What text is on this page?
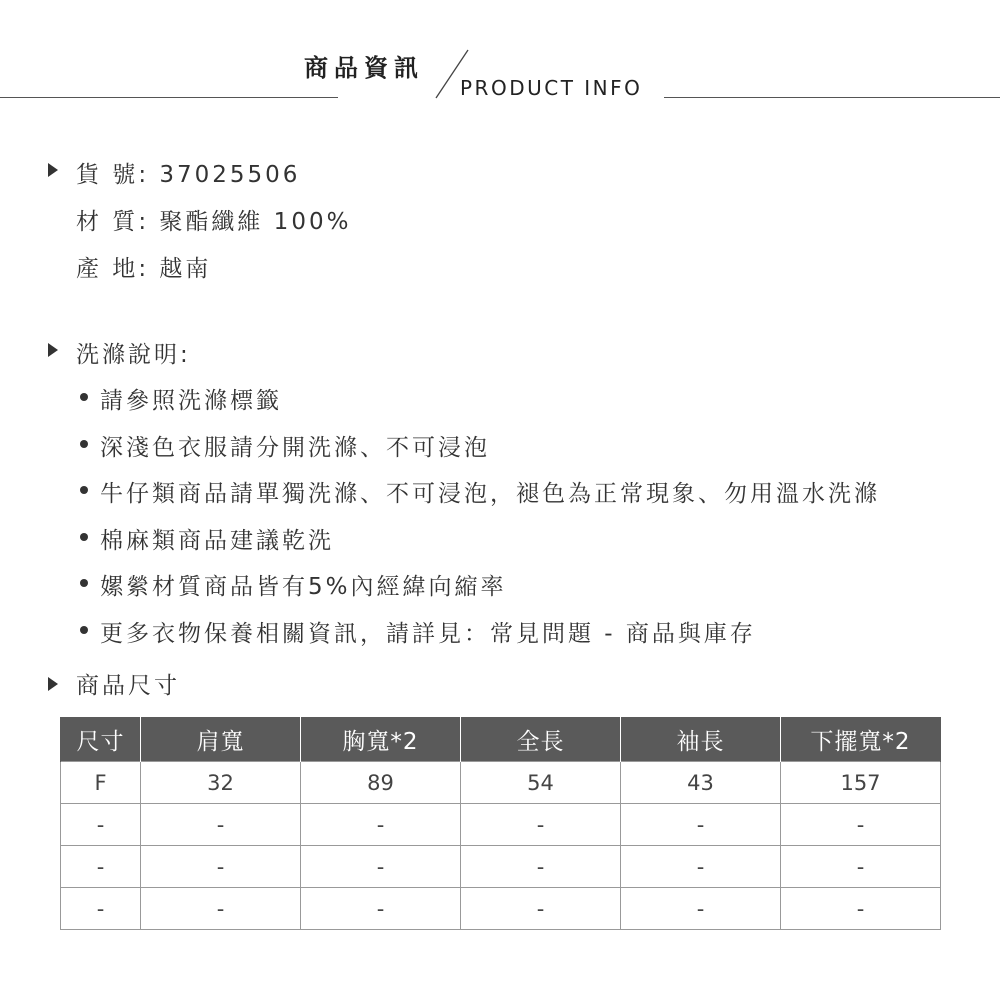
商品資訊
PRODUCT INFO
貨 號: 37025506
材 質: 聚酯纖維 100%
產 地: 越南
洗滌說明:
請參照洗滌標籤
深淺色衣服請分開洗滌、不可浸泡
牛仔類商品請單獨洗滌、不可浸泡，褪色為正常現象、勿用溫水洗滌
棉麻類商品建議乾洗
嫘縈材質商品皆有5%內經緯向縮率
更多衣物保養相關資訊，請詳見：常見問題 - 商品與庫存
商品尺寸
尺寸	肩寬	胸寬*2	全長	袖長	下擺寬*2
F	32	89	54	43	157
-	-	-	-	-	-
-	-	-	-	-	-
-	-	-	-	-	-
